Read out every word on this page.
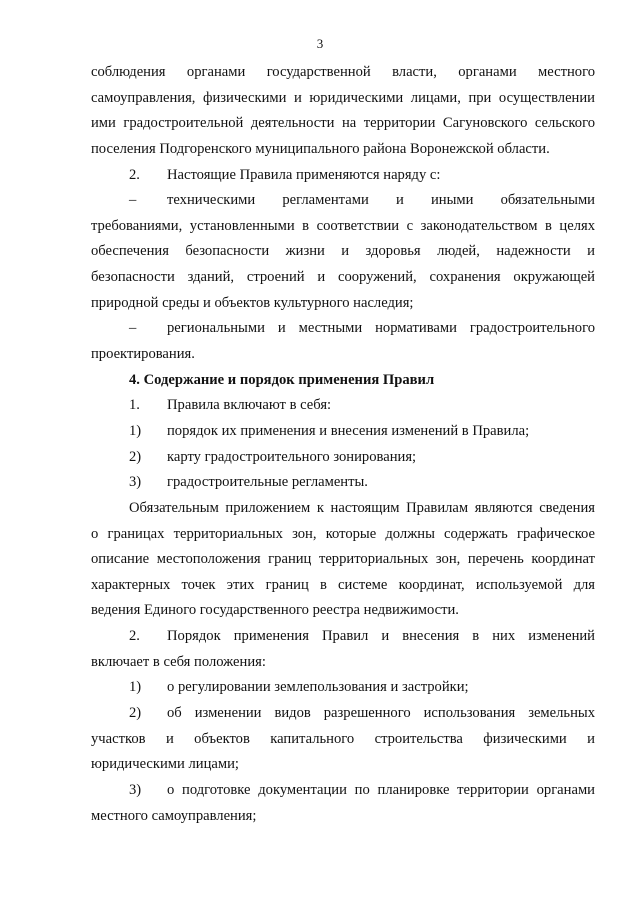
3
соблюдения органами государственной власти, органами местного
самоуправления, физическими и юридическими лицами, при осуществлении
ими градостроительной деятельности на территории Сагуновского сельского
поселения Подгоренского муниципального района Воронежской области.
2.	Настоящие Правила применяются наряду с:
–	техническими регламентами и иными обязательными
требованиями, установленными в соответствии с законодательством в целях
обеспечения безопасности жизни и здоровья людей, надежности и
безопасности зданий, строений и сооружений, сохранения окружающей
природной среды и объектов культурного наследия;
–	региональными и местными нормативами градостроительного
проектирования.
4. Содержание и порядок применения Правил
1.	Правила включают в себя:
1)	порядок их применения и внесения изменений в Правила;
2)	карту градостроительного зонирования;
3)	градостроительные регламенты.
Обязательным приложением к настоящим Правилам являются сведения
о границах территориальных зон, которые должны содержать графическое
описание местоположения границ территориальных зон, перечень координат
характерных точек этих границ в системе координат, используемой для
ведения Единого государственного реестра недвижимости.
2.	Порядок применения Правил и внесения в них изменений
включает в себя положения:
1)	о регулировании землепользования и застройки;
2)	об изменении видов разрешенного использования земельных
участков и объектов капитального строительства физическими и
юридическими лицами;
3)	о подготовке документации по планировке территории органами
местного самоуправления;
